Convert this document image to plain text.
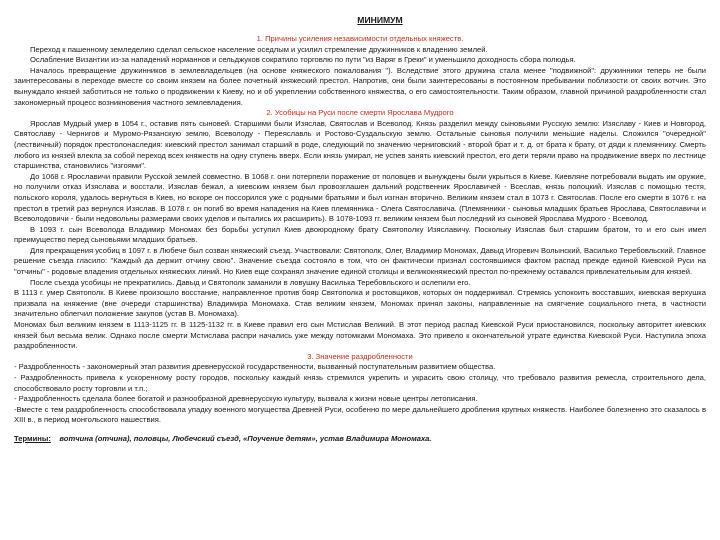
МИНИМУМ
1. Причины усиления независимости отдельных княжеств.

Переход к пашенному земледелию сделал сельское население оседлым и усилил стремление дружинников к владению землей.

Ослабление Византии из-за нападений норманнов и сельджуков сократило торговлю по пути "из Варяг в Греки" и уменьшило доходность сбора полюдья.

Началось превращение дружинников в землевладельцев (на основе княжеского пожалования "). Вследствие этого дружина стала менее "подвижной": дружинники теперь не были заинтересованы в переходе вместе со своим князем на более почетный княжеский престол. Напротив, они были заинтересованы в постоянном пребывании поблизости от своих вотчин. Это вынуждало князей заботиться не только о продвижении к Киеву, но и об укреплении собственного княжества, о его самостоятельности. Таким образом, главной причиной раздробленности стал закономерный процесс возникновения частного землевладения.

2. Усобицы на Руси после смерти Ярослава Мудрого

Ярослав Мудрый умер в 1054 г., оставив пять сыновей. Старшими были Изяслав, Святослав и Всеволод. Князь разделил между сыновьями Русскую землю: Изяславу - Киев и Новгород, Святославу - Чернигов и Муромо-Рязанскую землю, Всеволоду - Переяславль и Ростово-Суздальскую землю. Остальные сыновья получили меньшие наделы. Сложился "очередной" (лествичный) порядок престолонаследия: киевский престол занимал старший в роде, следующий по значению черниговский - второй брат и т. д. от брата к брату, от дяди к племяннику. Смерть любого из князей влекла за собой переход всех княжеств на одну ступень вверх. Если князь умирал, не успев занять киевский престол, его дети теряли право на продвижение вверх по лестнице старшинства, становились "изгоями".

До 1068 г. Ярославичи правили Русской землей совместно. В 1068 г. они потерпели поражение от половцев и вынуждены были укрыться в Киеве. Киевляне потребовали выдать им оружие, но получили отказ Изяслава и восстали. Изяслав бежал, а киевским князем был провозглашен дальний родственник Ярославичей - Всеслав, князь полоцкий. Изяслав с помощью тестя, польского короля, удалось вернуться в Киев, но вскоре он поссорился уже с родными братьями и был изгнан вторично. Великим князем стал в 1073 г. Святослав. После его смерти в 1076 г. на престол в третий раз вернулся Изяслав. В 1078 г. он погиб во время нападения на Киев племянника - Олега Святославича. (Племянники - сыновья младших братьев Ярослава, Святославичи и Всеволодовичи - были недовольны размерами своих уделов и пытались их расширить). В 1078-1093 гг. великим князем был последний из сыновей Ярослава Мудрого - Всеволод.

В 1093 г. сын Всеволода Владимир Мономах без борьбы уступил Киев двоюродному брату Святополку Изяславичу. Поскольку Изяслав был старшим братом, то и его сын имел преимущество перед сыновьями младших братьев.

Для прекращения усобиц в 1097 г. в Любече был созван княжеский съезд. Участвовали: Святополк, Олег, Владимир Мономах, Давыд Игоревич Волынский, Василько Теребовльский. Главное решение съезда гласило: "Каждый да держит отчину свою". Значение съезда состояло в том, что он фактически признал состоявшимся фактом распад прежде единой Киевской Руси на "отчины" - родовые владения отдельных княжеских линий. Но Киев еще сохранял значение единой столицы и великокняжеский престол по-прежнему оставался привлекательным для князей.

После съезда усобицы не прекратились. Давыд и Святополк заманили в ловушку Василька Теребовльского и ослепили его.

В 1113 г. умер Святополк. В Киеве произошло восстание, направленное против бояр Святополка и ростовщиков, которых он поддерживал. Стремясь успокоить восставших, киевская верхушка призвала на княжение (вне очереди старшинства) Владимира Мономаха. Став великим князем, Мономах принял законы, направленные на смягчение социального гнета, в частности значительно облегчил положение закупов (устав В. Мономаха).

Мономах был великим князем в 1113-1125 гг. В 1125-1132 гг. в Киеве правил его сын Мстислав Великий. В этот период распад Киевской Руси приостановился, поскольку авторитет киевских князей был весьма велик. Однако после смерти Мстислава распри начались уже между потомками Мономаха. Это привело к окончательной утрате единства Киевской Руси. Наступила эпоха раздробленности.

3. Значение раздробленности

- Раздробленность - закономерный этап развития древнерусской государственности, вызванный поступательным развитием общества.

- Раздробленность привела к ускоренному росту городов, поскольку каждый князь стремился укрепить и украсить свою столицу, что требовало развития ремесла, строительного дела, способствовало росту торговли и т.п.;

- Раздробленность сделала более богатой и разнообразной древнерусскую культуру, вызвала к жизни новые центры летописания.

-Вместе с тем раздробленность способствовала упадку военного могущества Древней Руси, особенно по мере дальнейшего дробления крупных княжеств. Наиболее болезненно это сказалось в XIII в., в период монгольского нашествия.

Термины: вотчина (отчина), половцы, Любечский съезд, «Поучение детям», устав Владимира Мономаха.
